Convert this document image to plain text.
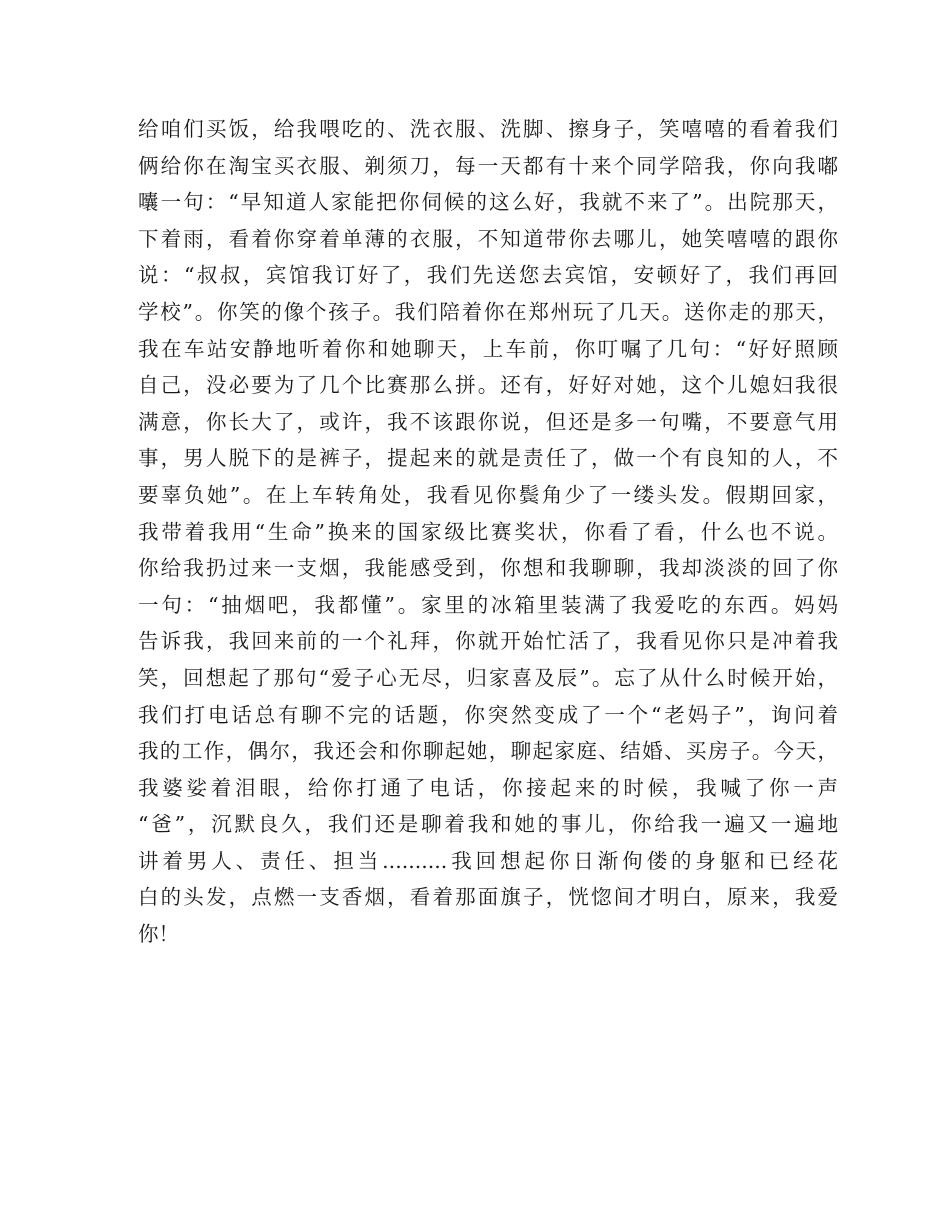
给咱们买饭，给我喂吃的、洗衣服、洗脚、擦身子，笑嘻嘻的看着我们
俩给你在淘宝买衣服、剃须刀，每一天都有十来个同学陪我，你向我嘟
囔一句：“早知道人家能把你伺候的这么好，我就不来了”。出院那天，
下着雨，看着你穿着单薄的衣服，不知道带你去哪儿，她笑嘻嘻的跟你
说：“叔叔，宾馆我订好了，我们先送您去宾馆，安顿好了，我们再回
学校”。你笑的像个孩子。我们陪着你在郑州玩了几天。送你走的那天，
我在车站安静地听着你和她聊天，上车前，你叮嘱了几句：“好好照顾
自己，没必要为了几个比赛那么拼。还有，好好对她，这个儿媳妇我很
满意，你长大了，或许，我不该跟你说，但还是多一句嘴，不要意气用
事，男人脱下的是裤子，提起来的就是责任了，做一个有良知的人，不
要辜负她”。在上车转角处，我看见你鬓角少了一缕头发。假期回家，
我带着我用“生命”换来的国家级比赛奖状，你看了看，什么也不说。
你给我扔过来一支烟，我能感受到，你想和我聊聊，我却淡淡的回了你
一句：“抽烟吧，我都懂”。家里的冰箱里装满了我爱吃的东西。妈妈
告诉我，我回来前的一个礼拜，你就开始忙活了，我看见你只是冲着我
笑，回想起了那句“爱子心无尽，归家喜及辰”。忘了从什么时候开始，
我们打电话总有聊不完的话题，你突然变成了一个“老妈子”，询问着
我的工作，偶尔，我还会和你聊起她，聊起家庭、结婚、买房子。今天，
我婆娑着泪眼，给你打通了电话，你接起来的时候，我喊了你一声
“爸”，沉默良久，我们还是聊着我和她的事儿，你给我一遍又一遍地
讲着男人、责任、担当..........我回想起你日渐佝偻的身躯和已经花
白的头发，点燃一支香烟，看着那面旗子，恍惚间才明白，原来，我爱
你！
